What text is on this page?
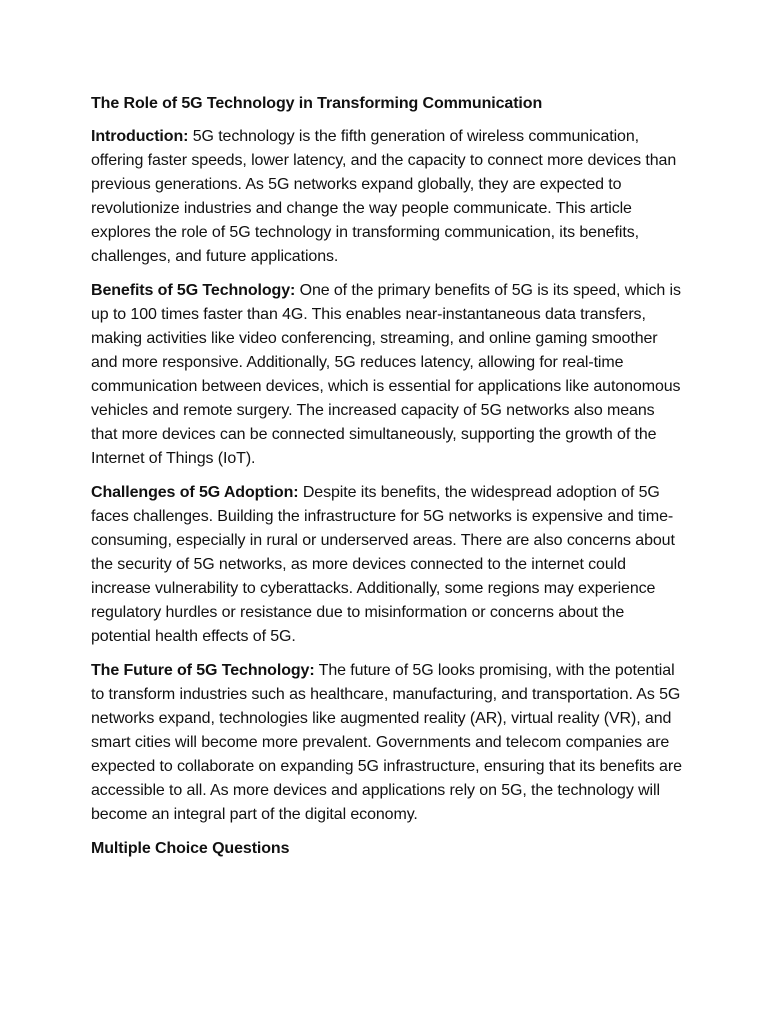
The Role of 5G Technology in Transforming Communication

Introduction: 5G technology is the fifth generation of wireless communication, offering faster speeds, lower latency, and the capacity to connect more devices than previous generations. As 5G networks expand globally, they are expected to revolutionize industries and change the way people communicate. This article explores the role of 5G technology in transforming communication, its benefits, challenges, and future applications.

Benefits of 5G Technology: One of the primary benefits of 5G is its speed, which is up to 100 times faster than 4G. This enables near-instantaneous data transfers, making activities like video conferencing, streaming, and online gaming smoother and more responsive. Additionally, 5G reduces latency, allowing for real-time communication between devices, which is essential for applications like autonomous vehicles and remote surgery. The increased capacity of 5G networks also means that more devices can be connected simultaneously, supporting the growth of the Internet of Things (IoT).

Challenges of 5G Adoption: Despite its benefits, the widespread adoption of 5G faces challenges. Building the infrastructure for 5G networks is expensive and time-consuming, especially in rural or underserved areas. There are also concerns about the security of 5G networks, as more devices connected to the internet could increase vulnerability to cyberattacks. Additionally, some regions may experience regulatory hurdles or resistance due to misinformation or concerns about the potential health effects of 5G.

The Future of 5G Technology: The future of 5G looks promising, with the potential to transform industries such as healthcare, manufacturing, and transportation. As 5G networks expand, technologies like augmented reality (AR), virtual reality (VR), and smart cities will become more prevalent. Governments and telecom companies are expected to collaborate on expanding 5G infrastructure, ensuring that its benefits are accessible to all. As more devices and applications rely on 5G, the technology will become an integral part of the digital economy.

Multiple Choice Questions
